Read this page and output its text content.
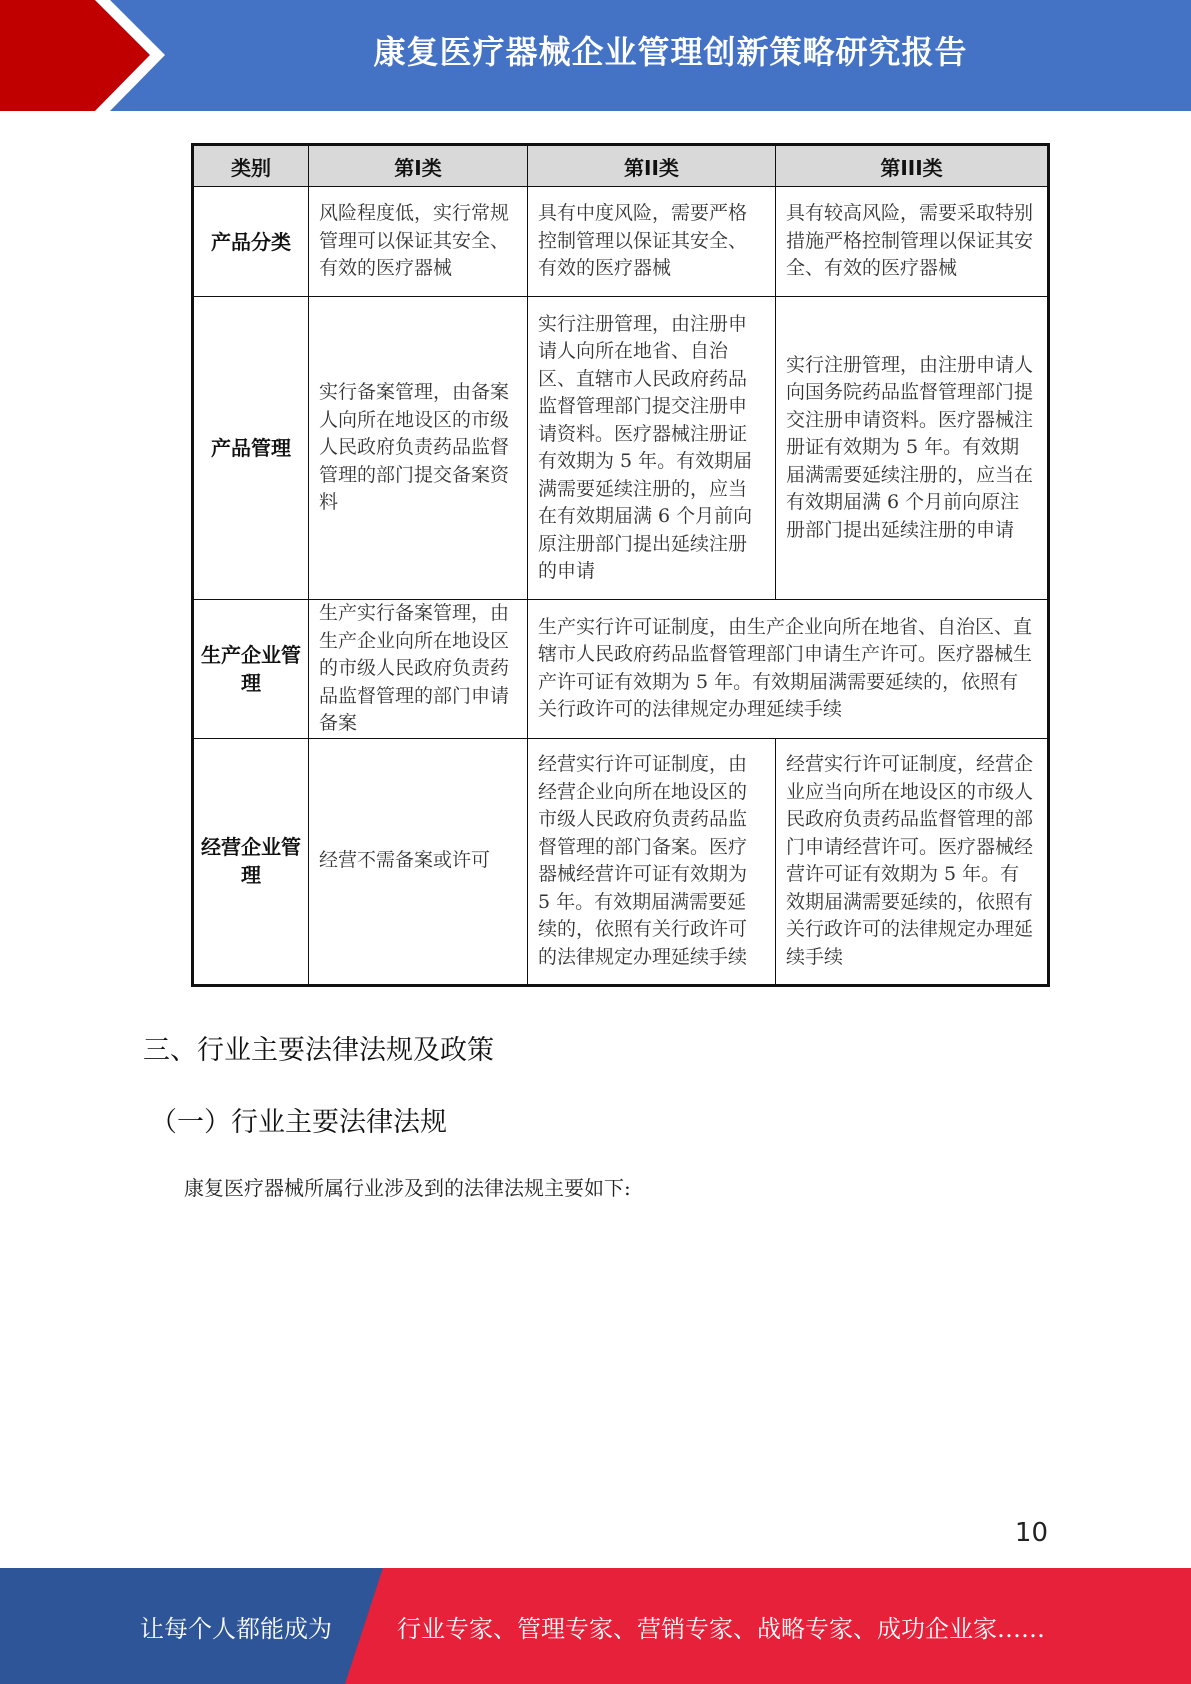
康复医疗器械企业管理创新策略研究报告
类别	第I类	第II类	第III类
产品分类	风险程度低，实行常规管理可以保证其安全、有效的医疗器械	具有中度风险，需要严格控制管理以保证其安全、有效的医疗器械	具有较高风险，需要采取特别措施严格控制管理以保证其安全、有效的医疗器械
产品管理	实行备案管理，由备案人向所在地设区的市级人民政府负责药品监督管理的部门提交备案资料	实行注册管理，由注册申请人向所在地省、自治区、直辖市人民政府药品监督管理部门提交注册申请资料。医疗器械注册证有效期为 5 年。有效期届满需要延续注册的，应当在有效期届满 6 个月前向原注册部门提出延续注册的申请	实行注册管理，由注册申请人向国务院药品监督管理部门提交注册申请资料。医疗器械注册证有效期为 5 年。有效期届满需要延续注册的，应当在有效期届满 6 个月前向原注册部门提出延续注册的申请
生产企业管理	生产实行备案管理，由生产企业向所在地设区的市级人民政府负责药品监督管理的部门申请备案	生产实行许可证制度，由生产企业向所在地省、自治区、直辖市人民政府药品监督管理部门申请生产许可。医疗器械生产许可证有效期为 5 年。有效期届满需要延续的，依照有关行政许可的法律规定办理延续手续	
经营企业管理	经营不需备案或许可	经营实行许可证制度，由经营企业向所在地设区的市级人民政府负责药品监督管理的部门备案。医疗器械经营许可证有效期为 5 年。有效期届满需要延续的，依照有关行政许可的法律规定办理延续手续	经营实行许可证制度，经营企业应当向所在地设区的市级人民政府负责药品监督管理的部门申请经营许可。医疗器械经营许可证有效期为 5 年。有效期届满需要延续的，依照有关行政许可的法律规定办理延续手续
三、行业主要法律法规及政策
（一）行业主要法律法规
康复医疗器械所属行业涉及到的法律法规主要如下:
10
让每个人都能成为	行业专家、管理专家、营销专家、战略专家、成功企业家……
